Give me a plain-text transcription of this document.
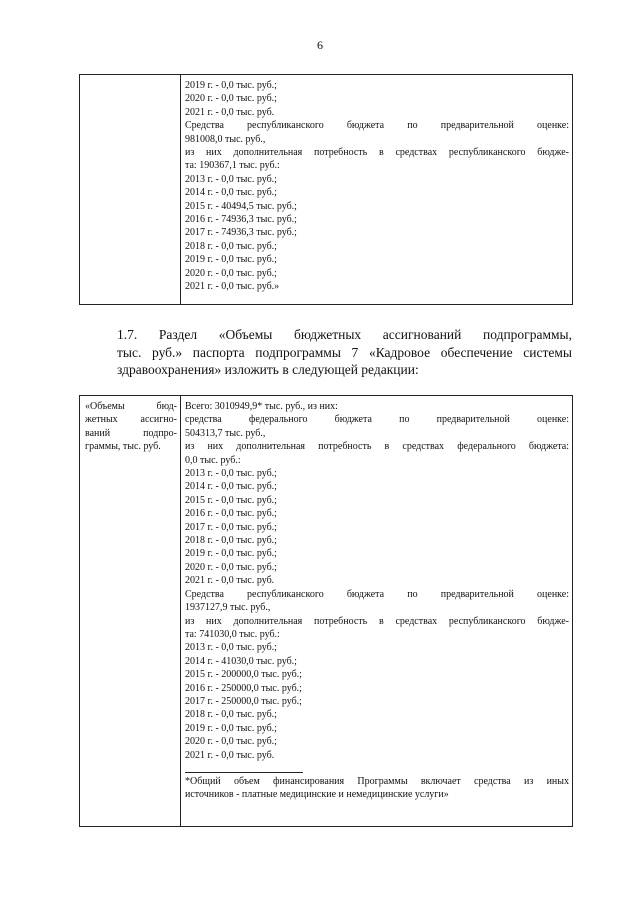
6
2019 г. - 0,0 тыс. руб.;
2020 г. - 0,0 тыс. руб.;
2021 г. - 0,0 тыс. руб.
Средства республиканского бюджета по предварительной оценке:
981008,0 тыс. руб.,
из них дополнительная потребность в средствах республиканского бюдже-
та: 190367,1 тыс. руб.:
2013 г. - 0,0 тыс. руб.;
2014 г. - 0,0 тыс. руб.;
2015 г. - 40494,5 тыс. руб.;
2016 г. - 74936,3 тыс. руб.;
2017 г. - 74936,3 тыс. руб.;
2018 г. - 0,0 тыс. руб.;
2019 г. - 0,0 тыс. руб.;
2020 г. - 0,0 тыс. руб.;
2021 г. - 0,0 тыс. руб.»
1.7. Раздел «Объемы бюджетных ассигнований подпрограммы,
тыс. руб.» паспорта подпрограммы 7 «Кадровое обеспечение системы
здравоохранения» изложить в следующей редакции:
«Объемы бюд-
жетных ассигно-
ваний подпро-
граммы, тыс. руб.
Всего: 3010949,9* тыс. руб., из них:
средства федерального бюджета по предварительной оценке:
504313,7 тыс. руб.,
из них дополнительная потребность в средствах федерального бюджета:
0,0 тыс. руб.:
2013 г. - 0,0 тыс. руб.;
2014 г. - 0,0 тыс. руб.;
2015 г. - 0,0 тыс. руб.;
2016 г. - 0,0 тыс. руб.;
2017 г. - 0,0 тыс. руб.;
2018 г. - 0,0 тыс. руб.;
2019 г. - 0,0 тыс. руб.;
2020 г. - 0,0 тыс. руб.;
2021 г. - 0,0 тыс. руб.
Средства республиканского бюджета по предварительной оценке:
1937127,9 тыс. руб.,
из них дополнительная потребность в средствах республиканского бюдже-
та: 741030,0 тыс. руб.:
2013 г. - 0,0 тыс. руб.;
2014 г. - 41030,0 тыс. руб.;
2015 г. - 200000,0 тыс. руб.;
2016 г. - 250000,0 тыс. руб.;
2017 г. - 250000,0 тыс. руб.;
2018 г. - 0,0 тыс. руб.;
2019 г. - 0,0 тыс. руб.;
2020 г. - 0,0 тыс. руб.;
2021 г. - 0,0 тыс. руб.
*Общий объем финансирования Программы включает средства из иных
источников - платные медицинские и немедицинские услуги»
